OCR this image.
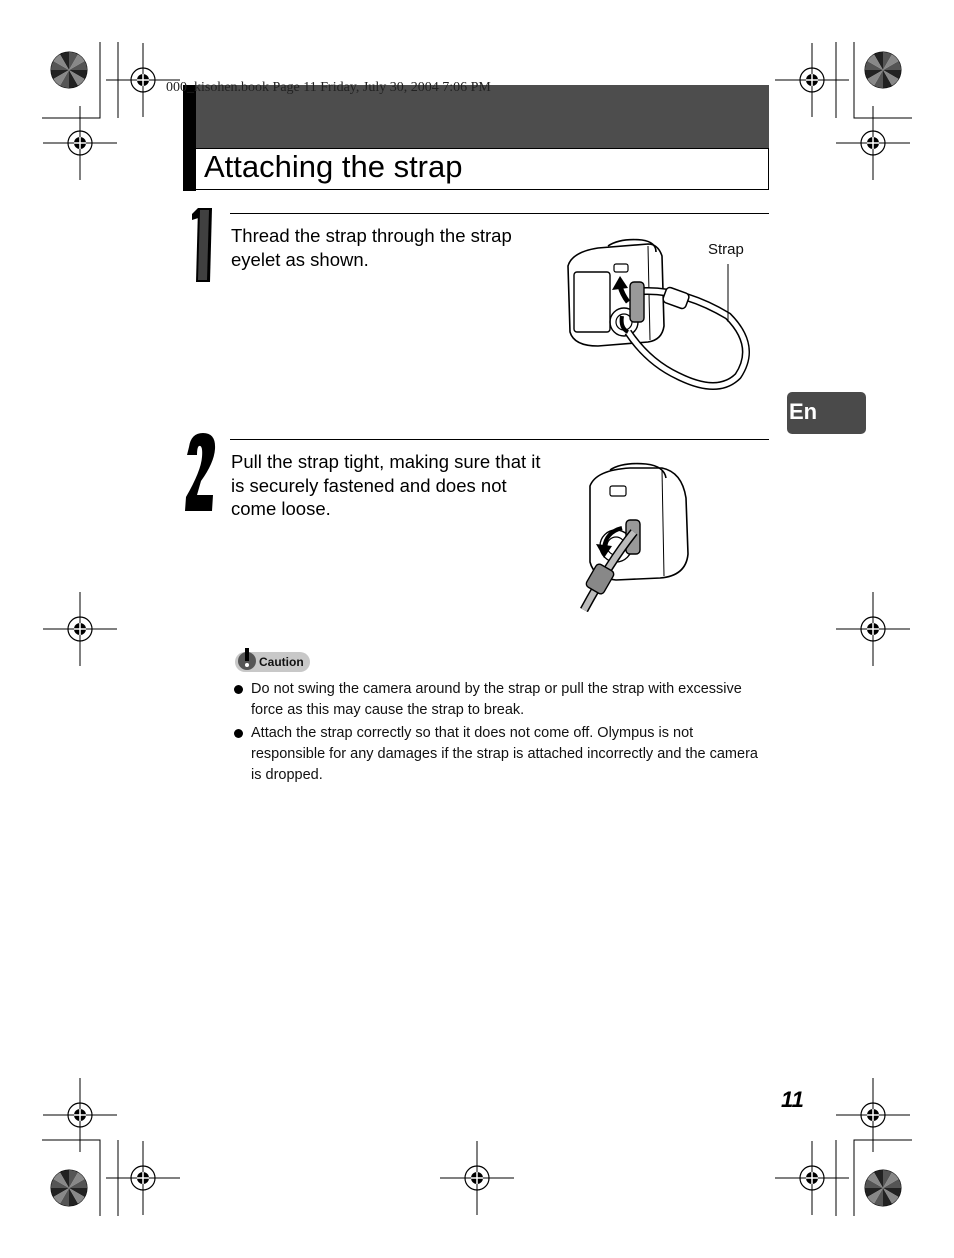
000_kisohen.book Page 11 Friday, July 30, 2004 7:06 PM
Attaching the strap
Thread the strap through the strap eyelet as shown.	Strap
En
Pull the strap tight, making sure that it is securely fastened and does not come loose.
Caution
Do not swing the camera around by the strap or pull the strap with excessive force as this may cause the strap to break.
Attach the strap correctly so that it does not come off. Olympus is not responsible for any damages if the strap is attached incorrectly and the camera is dropped.
11
